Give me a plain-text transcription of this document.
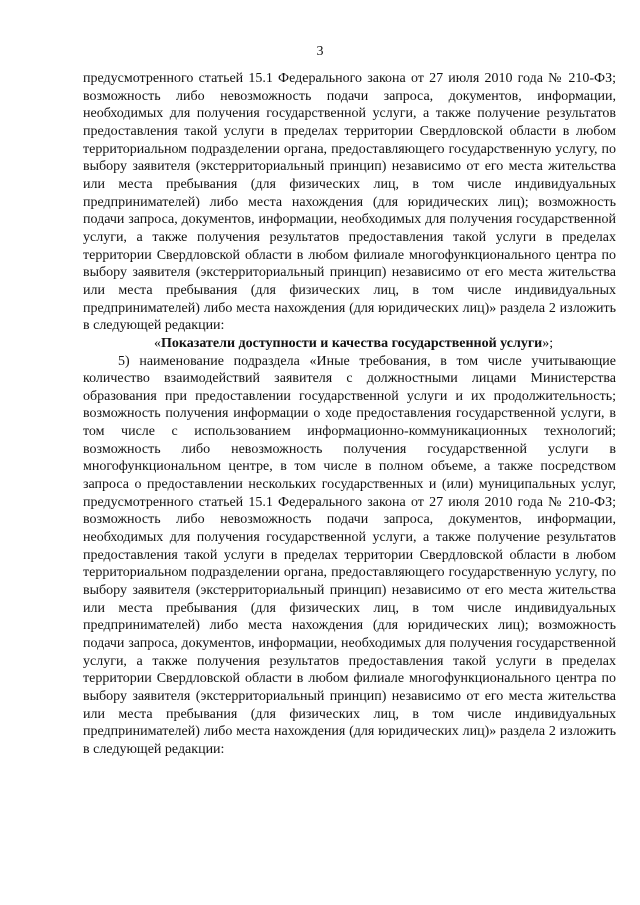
3

предусмотренного статьей 15.1 Федерального закона от 27 июля 2010 года № 210-ФЗ; возможность либо невозможность подачи запроса, документов, информации, необходимых для получения государственной услуги, а также получение результатов предоставления такой услуги в пределах территории Свердловской области в любом территориальном подразделении органа, предоставляющего государственную услугу, по выбору заявителя (экстерриториальный принцип) независимо от его места жительства или места пребывания (для физических лиц, в том числе индивидуальных предпринимателей) либо места нахождения (для юридических лиц); возможность подачи запроса, документов, информации, необходимых для получения государственной услуги, а также получения результатов предоставления такой услуги в пределах территории Свердловской области в любом филиале многофункционального центра по выбору заявителя (экстерриториальный принцип) независимо от его места жительства или места пребывания (для физических лиц, в том числе индивидуальных предпринимателей) либо места нахождения (для юридических лиц)» раздела 2 изложить в следующей редакции:

«Показатели доступности и качества государственной услуги»;

5) наименование подраздела «Иные требования, в том числе учитывающие количество взаимодействий заявителя с должностными лицами Министерства образования при предоставлении государственной услуги и их продолжительность; возможность получения информации о ходе предоставления государственной услуги, в том числе с использованием информационно-коммуникационных технологий; возможность либо невозможность получения государственной услуги в многофункциональном центре, в том числе в полном объеме, а также посредством запроса о предоставлении нескольких государственных и (или) муниципальных услуг, предусмотренного статьей 15.1 Федерального закона от 27 июля 2010 года № 210-ФЗ; возможность либо невозможность подачи запроса, документов, информации, необходимых для получения государственной услуги, а также получение результатов предоставления такой услуги в пределах территории Свердловской области в любом территориальном подразделении органа, предоставляющего государственную услугу, по выбору заявителя (экстерриториальный принцип) независимо от его места жительства или места пребывания (для физических лиц, в том числе индивидуальных предпринимателей) либо места нахождения (для юридических лиц); возможность подачи запроса, документов, информации, необходимых для получения государственной услуги, а также получения результатов предоставления такой услуги в пределах территории Свердловской области в любом филиале многофункционального центра по выбору заявителя (экстерриториальный принцип) независимо от его места жительства или места пребывания (для физических лиц, в том числе индивидуальных предпринимателей) либо места нахождения (для юридических лиц)» раздела 2 изложить в следующей редакции:
